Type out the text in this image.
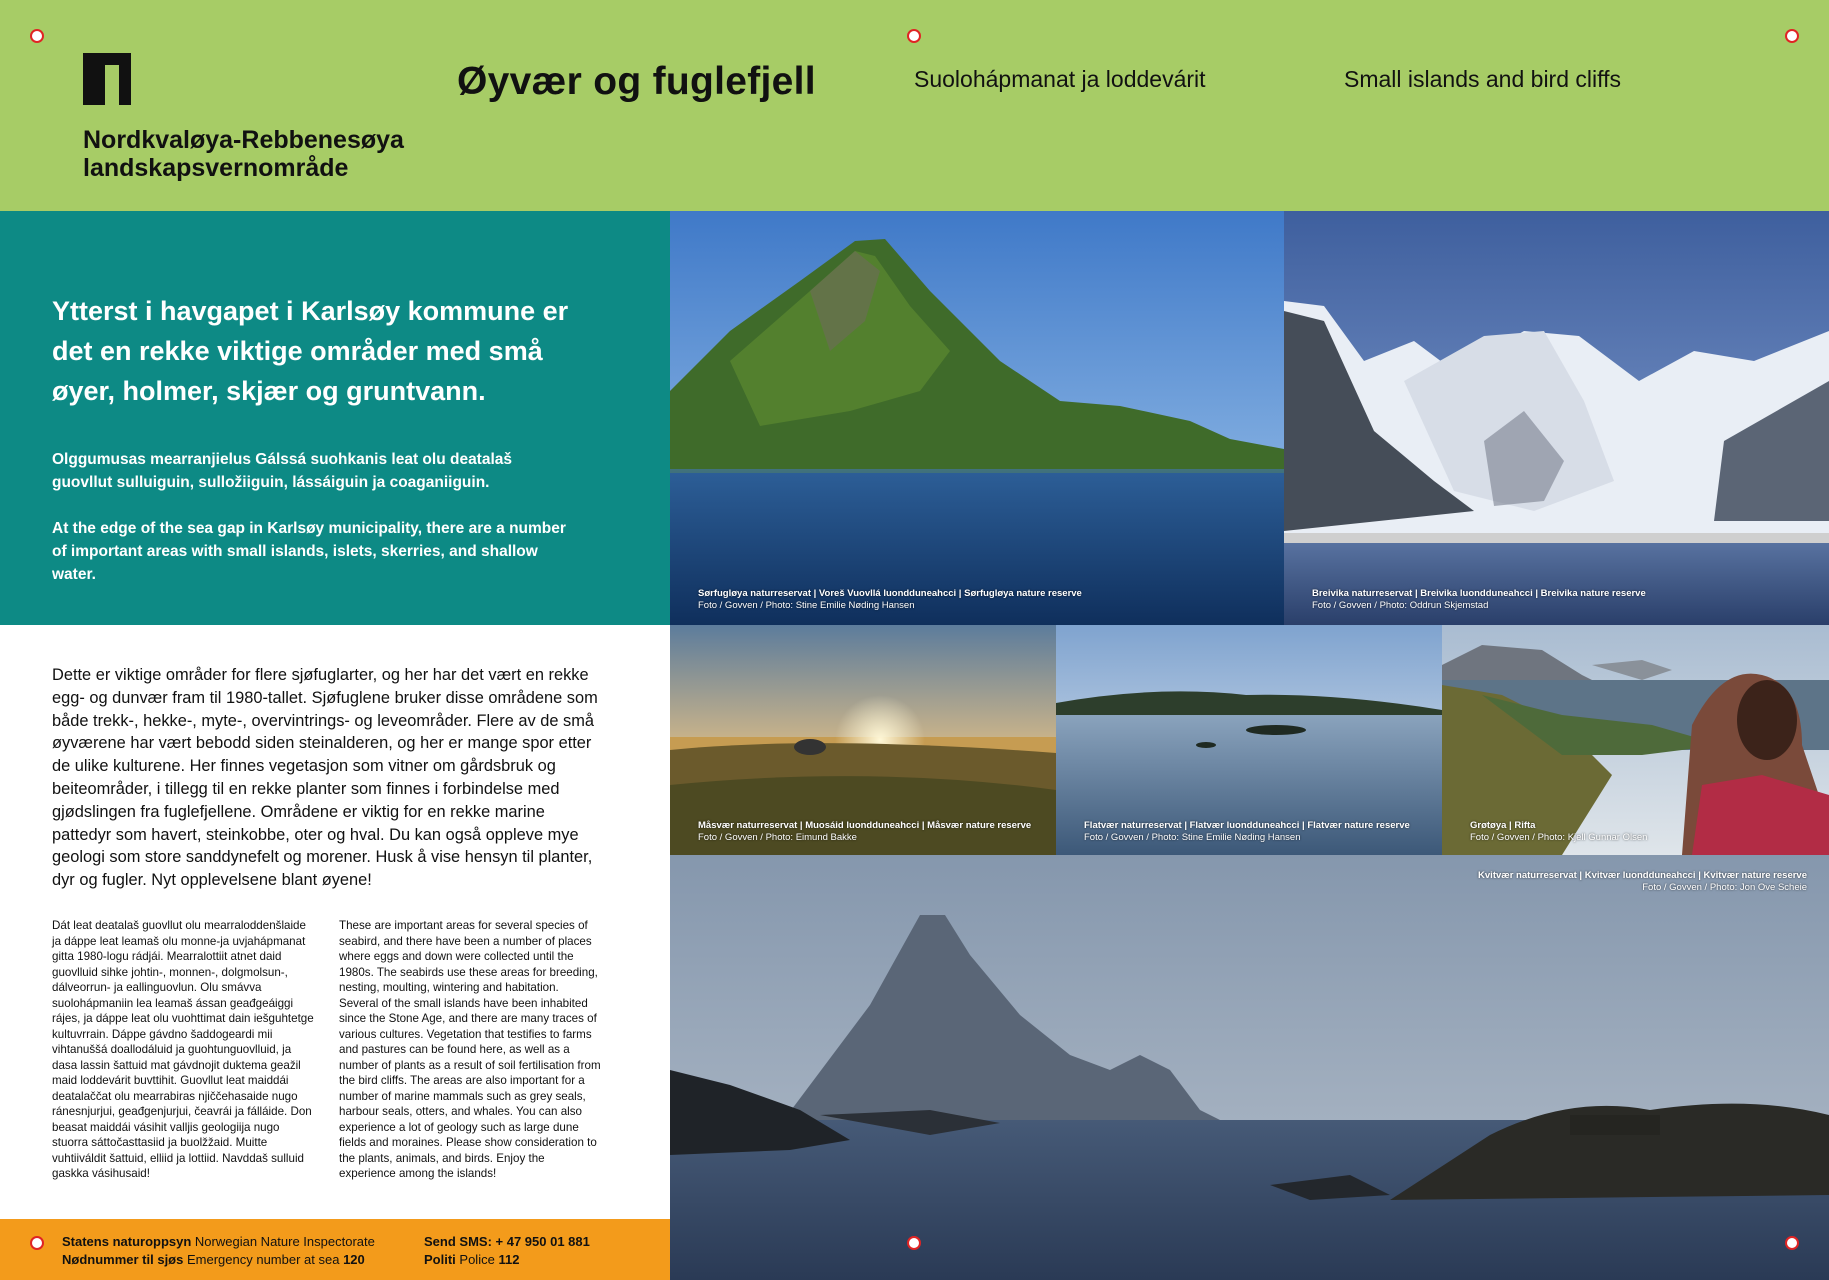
Nordkvaløya-Rebbenesøya
landskapsvernområde
Øyvær og fuglefjell	Suolohápmanat ja loddevárit	Small islands and bird cliffs
Ytterst i havgapet i Karlsøy kommune er det en rekke viktige områder med små øyer, holmer, skjær og gruntvann.
Olggumusas mearranjielus Gálssá suohkanis leat olu deatalaš guovllut sulluiguin, sulložiiguin, lássáiguin ja coaganiiguin.
At the edge of the sea gap in Karlsøy municipality, there are a number of important areas with small islands, islets, skerries, and shallow water.
Dette er viktige områder for flere sjøfuglarter, og her har det vært en rekke egg- og dunvær fram til 1980-tallet. Sjøfuglene bruker disse områdene som både trekk-, hekke-, myte-, overvintrings- og leveområder. Flere av de små øyværene har vært bebodd siden steinalderen, og her er mange spor etter de ulike kulturene. Her finnes vegetasjon som vitner om gårdsbruk og beiteområder, i tillegg til en rekke planter som finnes i forbindelse med gjødslingen fra fuglefjellene. Områdene er viktig for en rekke marine pattedyr som havert, steinkobbe, oter og hval. Du kan også oppleve mye geologi som store sanddynefelt og morener. Husk å vise hensyn til planter, dyr og fugler. Nyt opplevelsene blant øyene!
Dát leat deatalaš guovllut olu mearraloddenšlaide ja dáppe leat leamaš olu monne-ja uvjahápmanat gitta 1980-logu rádjái. Mearralottiit atnet daid guovlluid sihke johtin-, monnen-, dolgmolsun-, dálveorrun- ja eallinguovlun. Olu smávva suolohápmaniin lea leamaš ássan geađgeáiggi rájes, ja dáppe leat olu vuohttimat dain iešguhtetge kultuvrrain. Dáppe gávdno šaddogeardi mii vihtanuššá doallodáluid ja guohtunguovlluid, ja dasa lassin šattuid mat gávdnojit duktema geažil maid loddevárit buvttihit. Guovllut leat maiddái deatalaččat olu mearrabiras njiččehasaide nugo ránesnjurjui, geađgenjurjui, čeavrái ja fálláide. Don beasat maiddái vásihit valljis geologiija nugo stuorra sáttočasttasiid ja buolžžaid. Muitte vuhtiiváldit šattuid, elliid ja lottiid. Navddaš sulluid gaskka vásihusaid!
These are important areas for several species of seabird, and there have been a number of places where eggs and down were collected until the 1980s. The seabirds use these areas for breeding, nesting, moulting, wintering and habitation. Several of the small islands have been inhabited since the Stone Age, and there are many traces of various cultures. Vegetation that testifies to farms and pastures can be found here, as well as a number of plants as a result of soil fertilisation from the bird cliffs. The areas are also important for a number of marine mammals such as grey seals, harbour seals, otters, and whales. You can also experience a lot of geology such as large dune fields and moraines. Please show consideration to the plants, animals, and birds. Enjoy the experience among the islands!
Statens naturoppsyn Norwegian Nature Inspectorate
Nødnummer til sjøs Emergency number at sea 120
Send SMS: + 47 950 01 881
Politi Police 112
Sørfugløya naturreservat | Voreš Vuovllá luondduneahcci | Sørfugløya nature reserve
Foto / Govven / Photo: Stine Emilie Nøding Hansen
Breivika naturreservat | Breivika luondduneahcci | Breivika nature reserve
Foto / Govven / Photo: Oddrun Skjemstad
Måsvær naturreservat | Muosáid luondduneahcci | Måsvær nature reserve
Foto / Govven / Photo: Eimund Bakke
Flatvær naturreservat | Flatvær luondduneahcci | Flatvær nature reserve
Foto / Govven / Photo: Stine Emilie Nøding Hansen
Grøtøya | Rifta
Foto / Govven / Photo: Kjell Gunnar Olsen
Kvitvær naturreservat | Kvitvær luondduneahcci | Kvitvær nature reserve
Foto / Govven / Photo: Jon Ove Scheie
